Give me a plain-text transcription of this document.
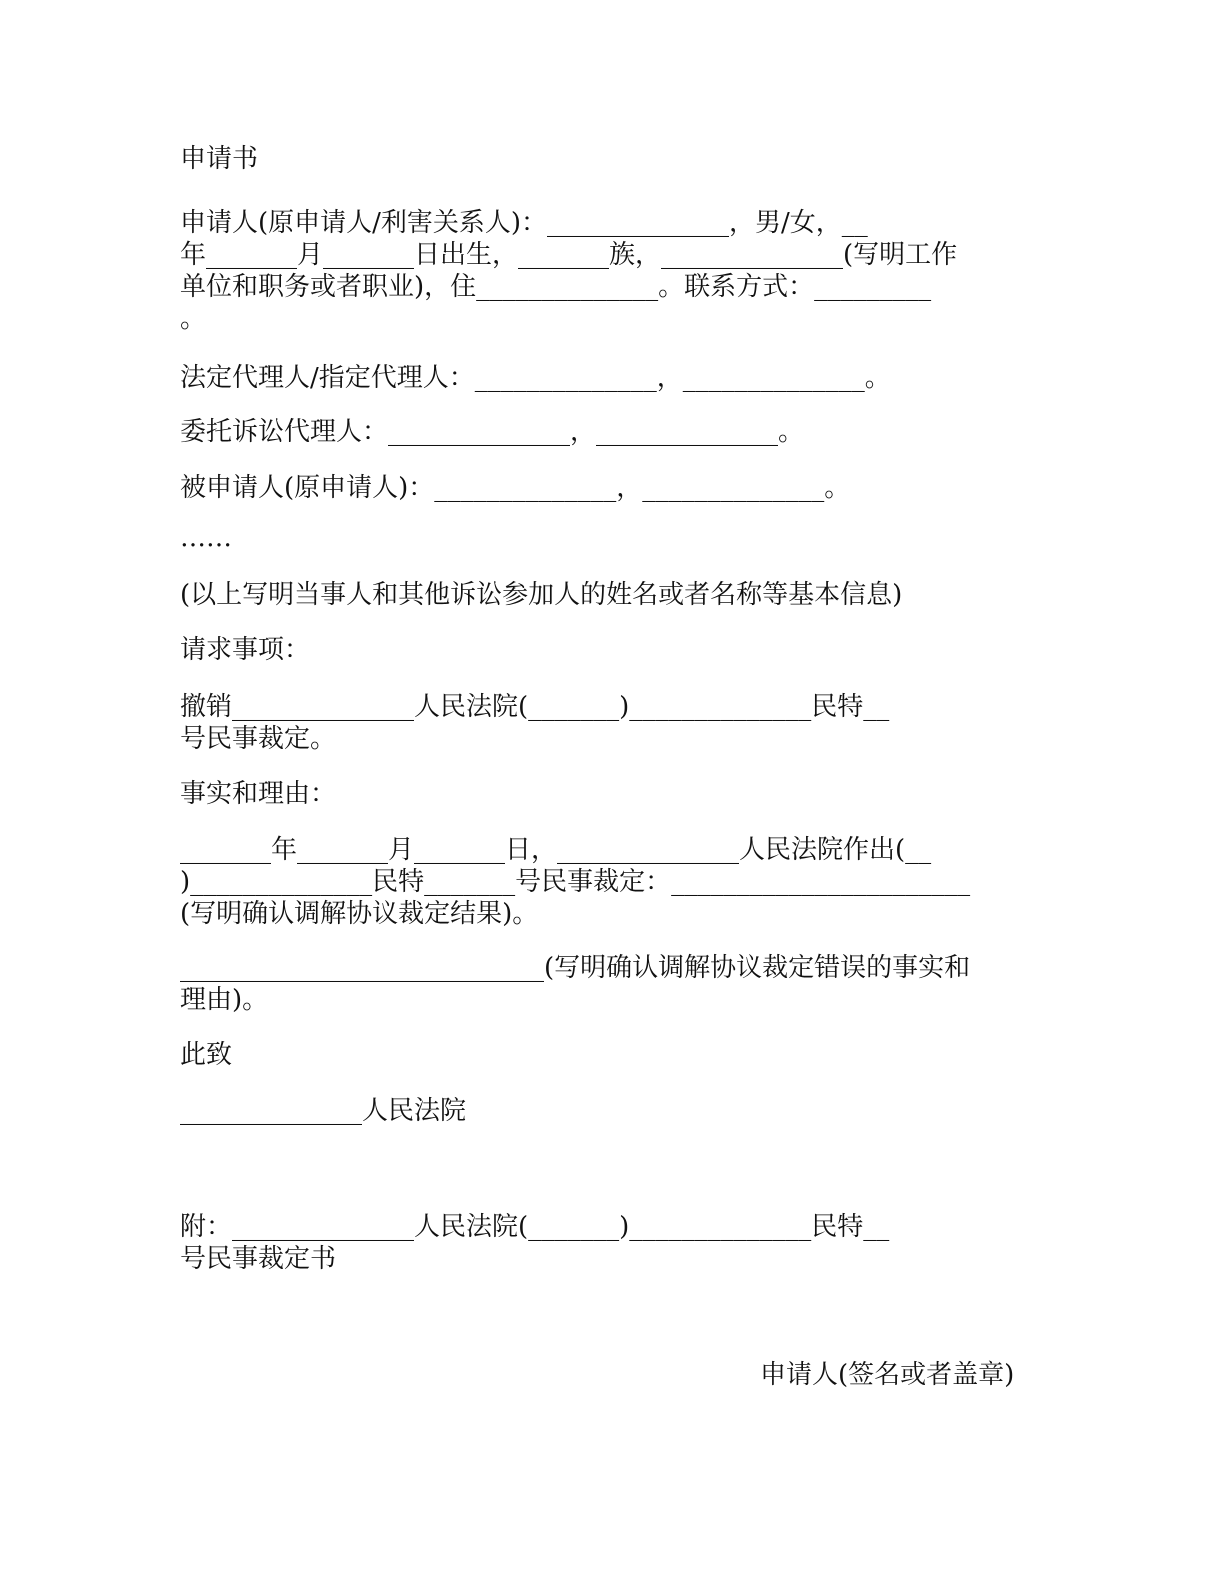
申请书
申请人(原申请人/利害关系人)：______________，男/女，__
年_______月_______日出生，_______族，______________(写明工作
单位和职务或者职业)，住______________。联系方式：_________
。
法定代理人/指定代理人：______________，______________。
委托诉讼代理人：______________，______________。
被申请人(原申请人)：______________，______________。
……
(以上写明当事人和其他诉讼参加人的姓名或者名称等基本信息)
请求事项：
撤销______________人民法院(_______)______________民特__
号民事裁定。
事实和理由：
_______年_______月_______日，______________人民法院作出(__
)______________民特_______号民事裁定：_______________________
(写明确认调解协议裁定结果)。
____________________________(写明确认调解协议裁定错误的事实和
理由)。
此致
______________人民法院
附：______________人民法院(_______)______________民特__
号民事裁定书
申请人(签名或者盖章)
